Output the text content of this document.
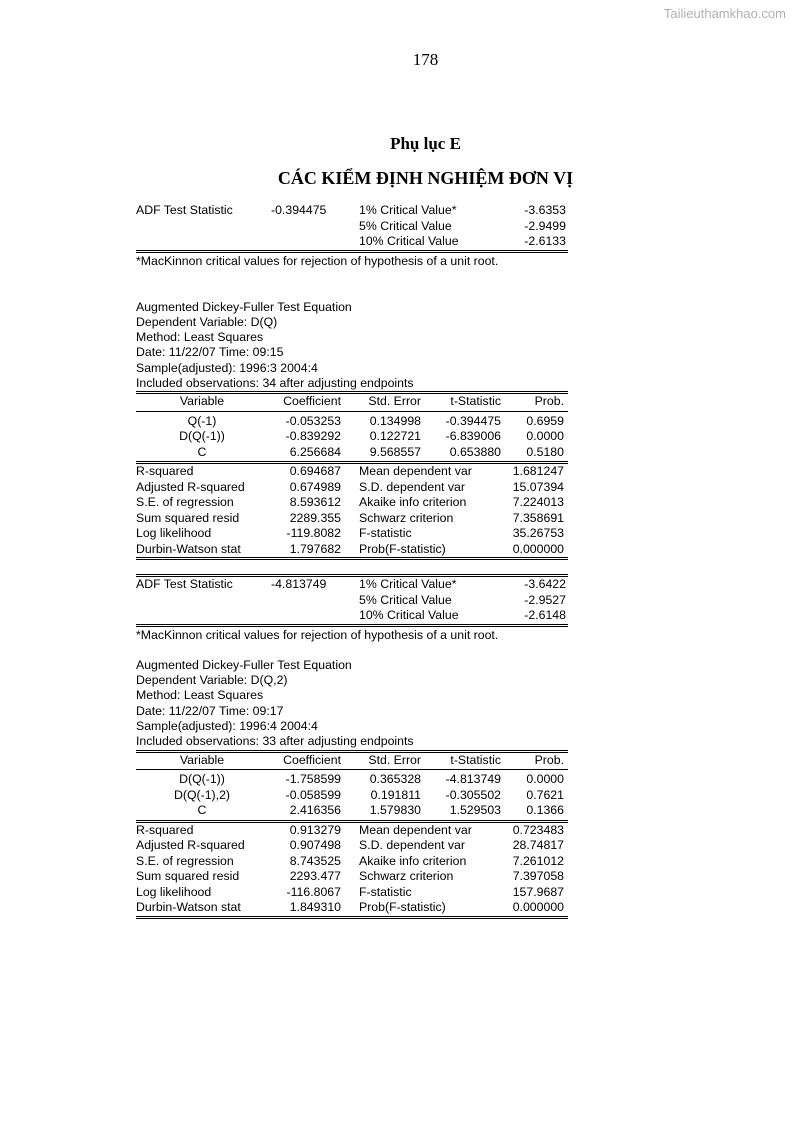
Tailieuthamkhao.com
178
Phụ lục E
CÁC KIỂM ĐỊNH NGHIỆM ĐƠN VỊ
ADF Test Statistic	-0.394475	1% Critical Value*	-3.6353
5% Critical Value	-2.9499
10% Critical Value	-2.6133
*MacKinnon critical values for rejection of hypothesis of a unit root.
Augmented Dickey-Fuller Test Equation
Dependent Variable: D(Q)
Method: Least Squares
Date: 11/22/07 Time: 09:15
Sample(adjusted): 1996:3 2004:4
Included observations: 34 after adjusting endpoints
Variable	Coefficient	Std. Error	t-Statistic	Prob.
Q(-1)	-0.053253	0.134998	-0.394475	0.6959
D(Q(-1))	-0.839292	0.122721	-6.839006	0.0000
C	6.256684	9.568557	0.653880	0.5180
R-squared	0.694687 Mean dependent var	1.681247
Adjusted R-squared	0.674989 S.D. dependent var	15.07394
S.E. of regression	8.593612 Akaike info criterion	7.224013
Sum squared resid	2289.355 Schwarz criterion	7.358691
Log likelihood	-119.8082 F-statistic	35.26753
Durbin-Watson stat	1.797682 Prob(F-statistic)	0.000000
ADF Test Statistic	-4.813749	1% Critical Value*	-3.6422
5% Critical Value	-2.9527
10% Critical Value	-2.6148
*MacKinnon critical values for rejection of hypothesis of a unit root.
Augmented Dickey-Fuller Test Equation
Dependent Variable: D(Q,2)
Method: Least Squares
Date: 11/22/07 Time: 09:17
Sample(adjusted): 1996:4 2004:4
Included observations: 33 after adjusting endpoints
Variable	Coefficient	Std. Error	t-Statistic	Prob.
D(Q(-1))	-1.758599	0.365328	-4.813749	0.0000
D(Q(-1),2)	-0.058599	0.191811	-0.305502	0.7621
C	2.416356	1.579830	1.529503	0.1366
R-squared	0.913279 Mean dependent var	0.723483
Adjusted R-squared	0.907498 S.D. dependent var	28.74817
S.E. of regression	8.743525 Akaike info criterion	7.261012
Sum squared resid	2293.477 Schwarz criterion	7.397058
Log likelihood	-116.8067 F-statistic	157.9687
Durbin-Watson stat	1.849310 Prob(F-statistic)	0.000000
